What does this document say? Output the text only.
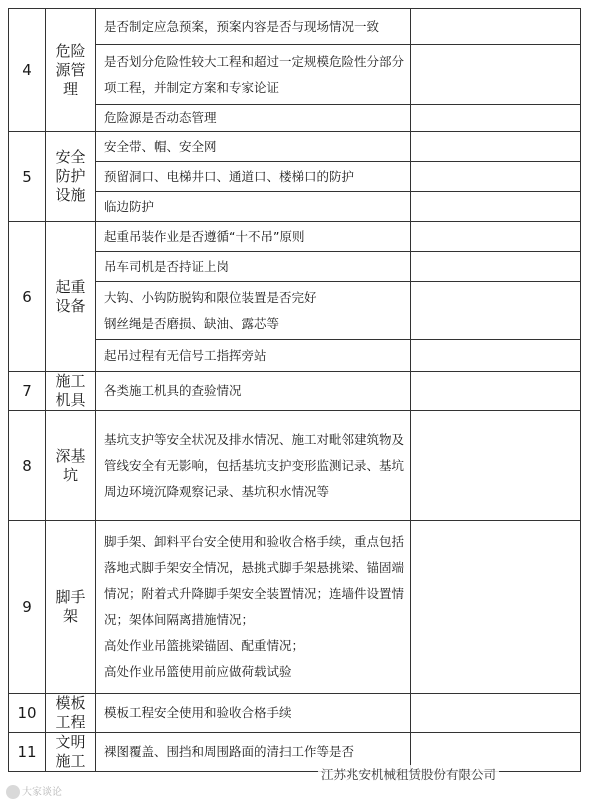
4	危险源管理	是否制定应急预案，预案内容是否与现场情况一致	
		是否划分危险性较大工程和超过一定规模危险性分部分项工程，并制定方案和专家论证	
		危险源是否动态管理	
5	安全防护设施	安全带、帽、安全网	
		预留洞口、电梯井口、通道口、楼梯口的防护	
		临边防护	
6	起重设备	起重吊装作业是否遵循“十不吊”原则	
		吊车司机是否持证上岗	
		大钩、小钩防脱钩和限位装置是否完好
钢丝绳是否磨损、缺油、露芯等	
		起吊过程有无信号工指挥旁站	
7	施工机具	各类施工机具的查验情况	
8	深基坑	基坑支护等安全状况及排水情况、施工对毗邻建筑物及管线安全有无影响，包括基坑支护变形监测记录、基坑周边环境沉降观察记录、基坑积水情况等	
9	脚手架	脚手架、卸料平台安全使用和验收合格手续，重点包括落地式脚手架安全情况，悬挑式脚手架悬挑梁、锚固端情况；附着式升降脚手架安全装置情况；连墙件设置情况；架体间隔离措施情况；
高处作业吊篮挑梁锚固、配重情况；
高处作业吊篮使用前应做荷载试验	
10	模板工程	模板工程安全使用和验收合格手续	
11	文明施工	裸图覆盖、围挡和周围路面的清扫工作等是否	
大家谈论
江苏兆安机械租赁股份有限公司
